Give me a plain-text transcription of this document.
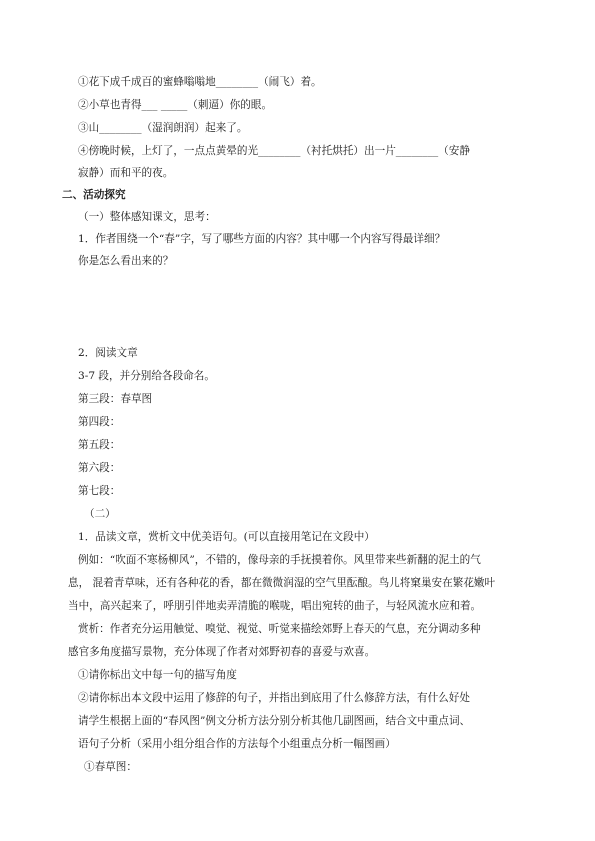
①花下成千成百的蜜蜂嗡嗡地________（闹飞）着。
②小草也青得___ _____（刺逼）你的眼。
③山________（湿润朗润）起来了。
④傍晚时候，上灯了，一点点黄晕的光________（衬托烘托）出一片________（安静
寂静）而和平的夜。
二、活动探究
（一）整体感知课文，思考：
1．作者围绕一个“春”字，写了哪些方面的内容？其中哪一个内容写得最详细？
你是怎么看出来的？
2．阅读文章
3-7 段，并分别给各段命名。
第三段：春草图
第四段：
第五段：
第六段：
第七段：
（二）
1．品读文章，赏析文中优美语句。(可以直接用笔记在文段中）
例如：“吹面不寒杨柳风”，不错的，像母亲的手抚摸着你。风里带来些新翻的泥土的气
息， 混着青草味，还有各种花的香，都在微微润湿的空气里酝酿。鸟儿将窠巢安在繁花嫩叶
当中，高兴起来了，呼朋引伴地卖弄清脆的喉咙，唱出宛转的曲子，与轻风流水应和着。
赏析：作者充分运用触觉、嗅觉、视觉、听觉来描绘郊野上春天的气息，充分调动多种
感官多角度描写景物，充分体现了作者对郊野初春的喜爱与欢喜。
①请你标出文中每一句的描写角度
②请你标出本文段中运用了修辞的句子，并指出到底用了什么修辞方法，有什么好处
请学生根据上面的“春风图”例文分析方法分别分析其他几副图画，结合文中重点词、
语句子分析（采用小组分组合作的方法每个小组重点分析一幅图画）
①春草图：
